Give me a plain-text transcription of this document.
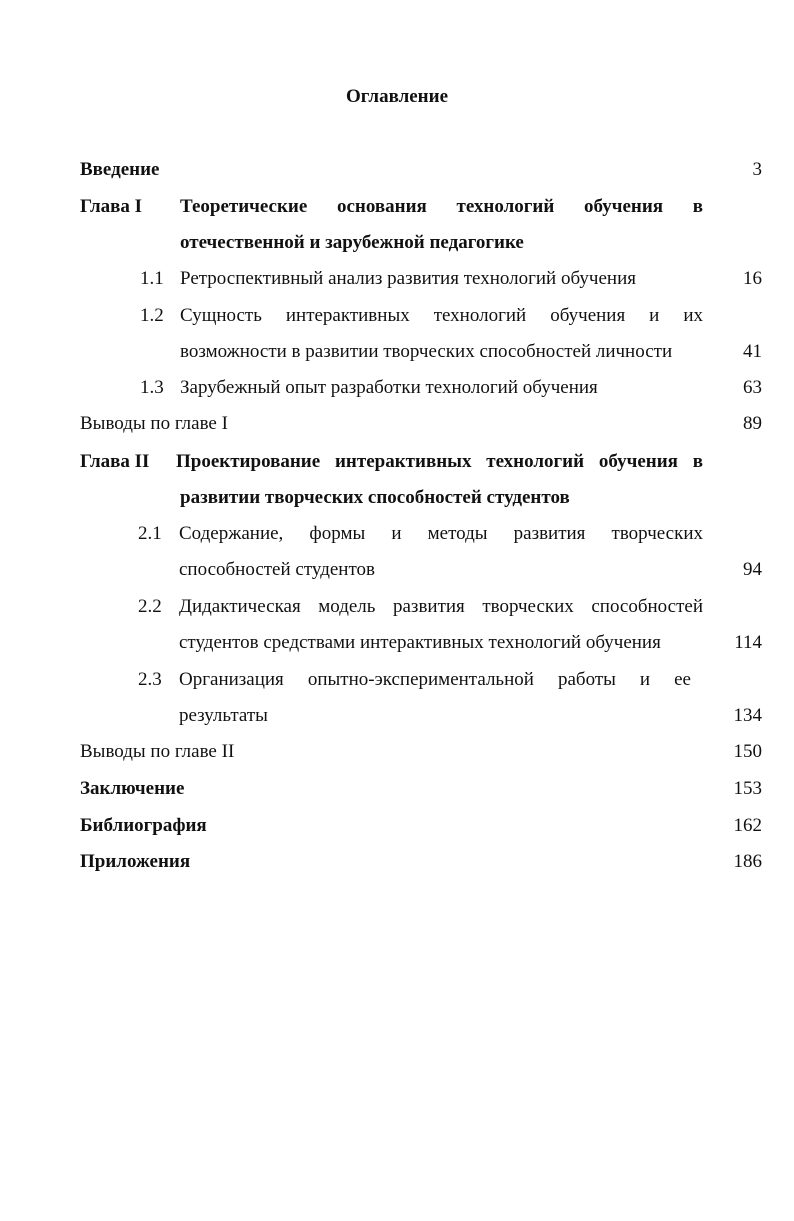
Оглавление
Введение	3
Глава I Теоретические основания технологий обучения в
отечественной и зарубежной педагогике
1.1 Ретроспективный анализ развития технологий обучения	16
1.2 Сущность интерактивных технологий обучения и их
возможности в развитии творческих способностей личности	41
1.3 Зарубежный опыт разработки технологий обучения	63
Выводы по главе I	89
Глава II Проектирование интерактивных технологий обучения в
развитии творческих способностей студентов
2.1 Содержание, формы и методы развития творческих
способностей студентов	94
2.2 Дидактическая модель развития творческих способностей
студентов средствами интерактивных технологий обучения	114
2.3 Организация опытно-экспериментальной работы и ее
результаты	134
Выводы по главе II	150
Заключение	153
Библиография	162
Приложения	186
